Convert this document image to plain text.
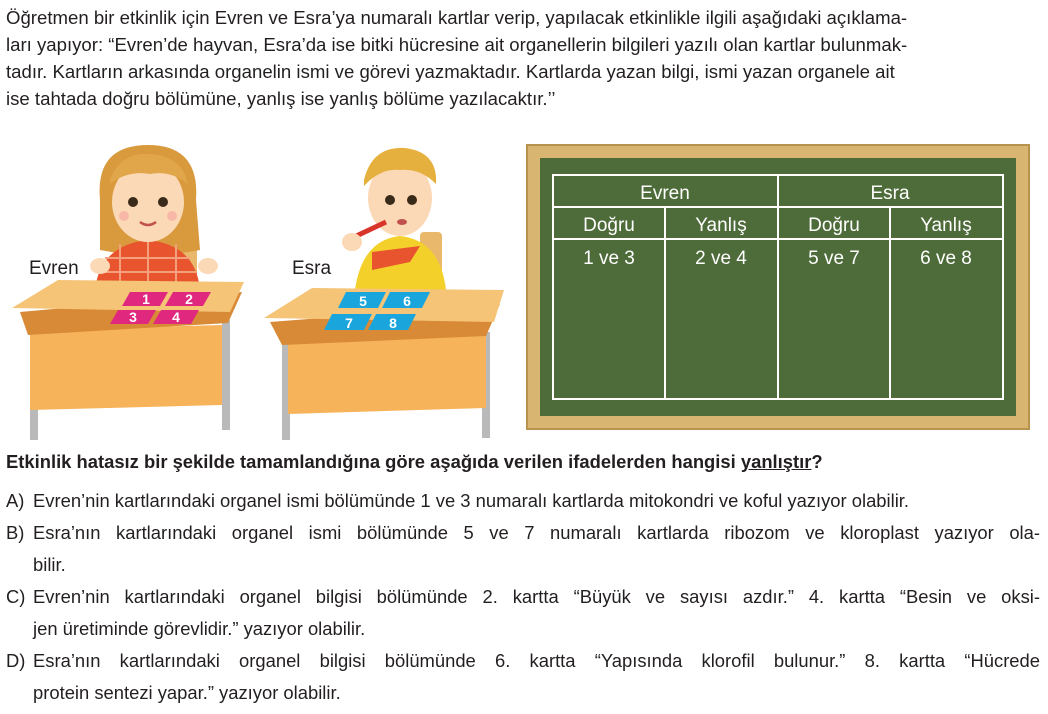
Öğretmen bir etkinlik için Evren ve Esra’ya numaralı kartlar verip, yapılacak etkinlikle ilgili aşağıdaki açıklama-
ları yapıyor: “Evren’de hayvan, Esra’da ise bitki hücresine ait organellerin bilgileri yazılı olan kartlar bulunmak-
tadır. Kartların arkasında organelin ismi ve görevi yazmaktadır. Kartlarda yazan bilgi, ismi yazan organele ait
ise tahtada doğru bölümüne, yanlış ise yanlış bölüme yazılacaktır.’’
1	2
3	4
Evren
5	6
7	8
Esra
Evren	Esra
Doğru	Yanlış	Doğru	Yanlış
1 ve 3	2 ve 4	5 ve 7	6 ve 8
Etkinlik hatasız bir şekilde tamamlandığına göre aşağıda verilen ifadelerden hangisi yanlıştır?
A) Evren’nin kartlarındaki organel ismi bölümünde 1 ve 3 numaralı kartlarda mitokondri ve koful yazıyor olabilir.
B) Esra’nın kartlarındaki organel ismi bölümünde 5 ve 7 numaralı kartlarda ribozom ve kloroplast yazıyor ola-
bilir.
C) Evren’nin kartlarındaki organel bilgisi bölümünde 2. kartta “Büyük ve sayısı azdır.” 4. kartta “Besin ve oksi-
jen üretiminde görevlidir.” yazıyor olabilir.
D) Esra’nın kartlarındaki organel bilgisi bölümünde 6. kartta “Yapısında klorofil bulunur.” 8. kartta “Hücrede
protein sentezi yapar.” yazıyor olabilir.
